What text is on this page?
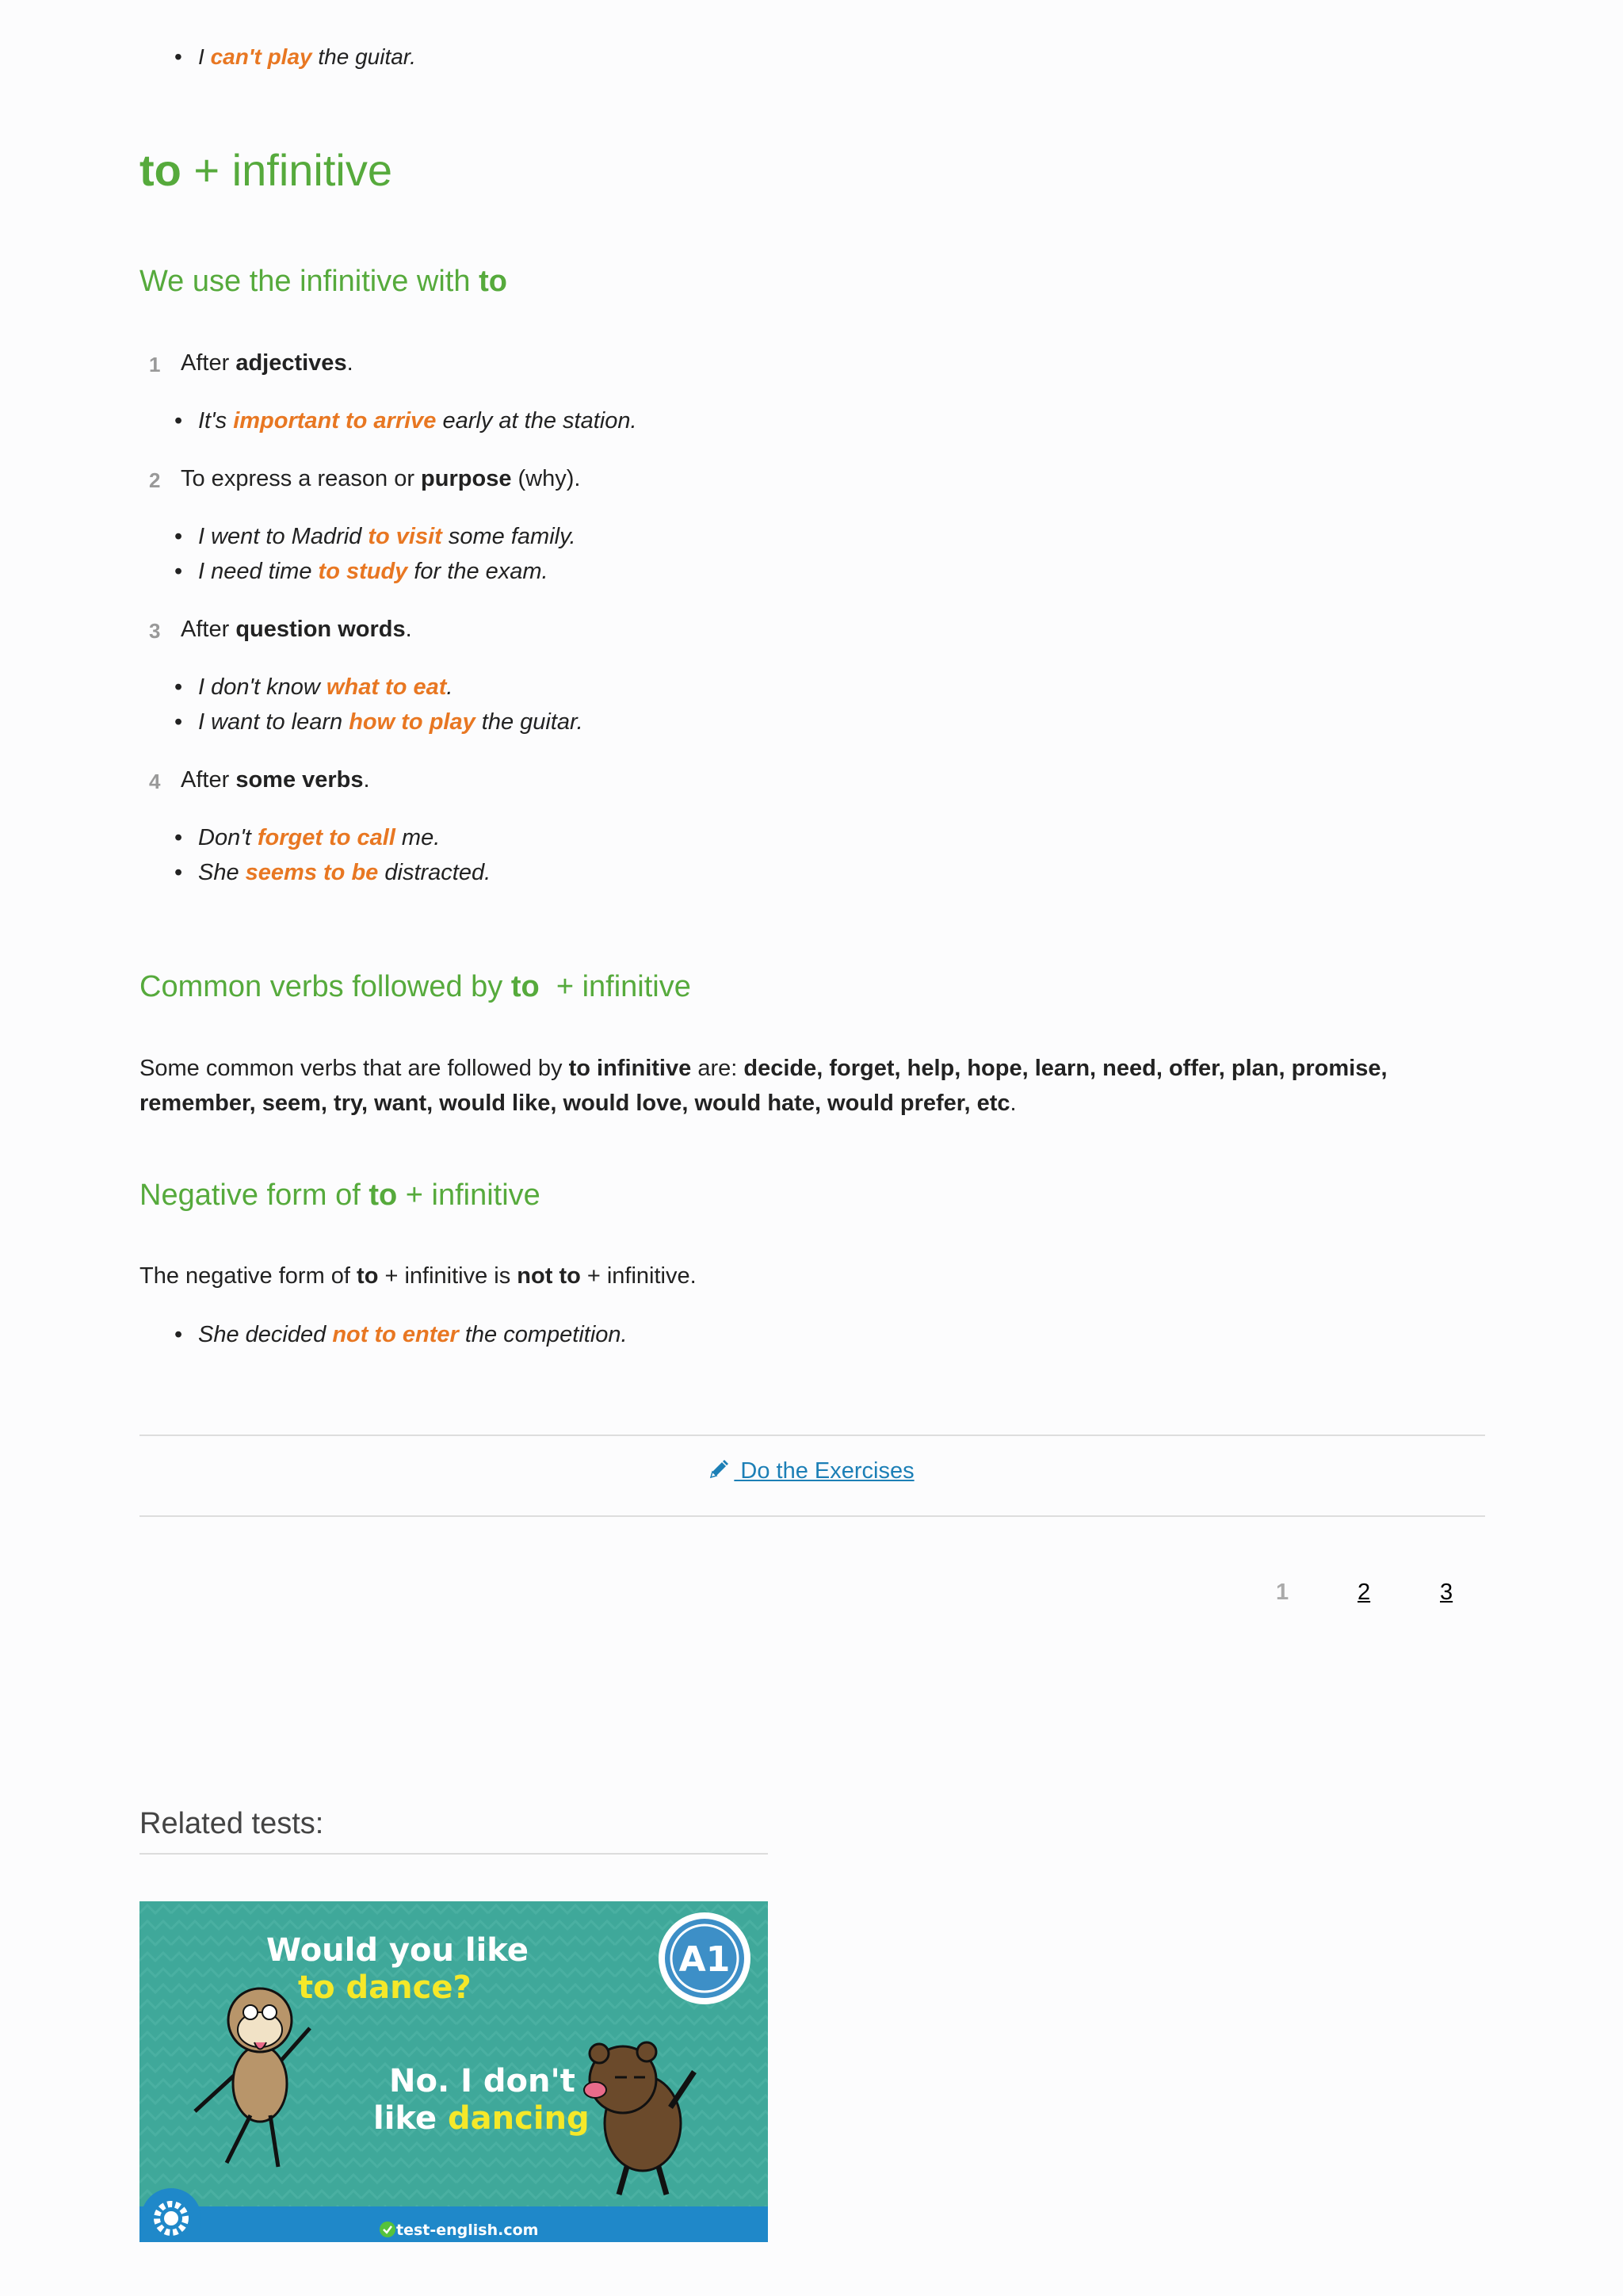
• I can't play the guitar.
to + infinitive
We use the infinitive with to
1 After adjectives.
• It's important to arrive early at the station.
2 To express a reason or purpose (why).
• I went to Madrid to visit some family.
• I need time to study for the exam.
3 After question words.
• I don't know what to eat.
• I want to learn how to play the guitar.
4 After some verbs.
• Don't forget to call me.
• She seems to be distracted.
Common verbs followed by to  + infinitive
Some common verbs that are followed by to infinitive are: decide, forget, help, hope, learn, need, offer, plan, promise, remember, seem, try, want, would like, would love, would hate, would prefer, etc.
Negative form of to + infinitive
The negative form of to + infinitive is not to + infinitive.
• She decided not to enter the competition.
Do the Exercises
1	2	3
Related tests:
test-english.com
A1
Would you like
to dance?
No. I don't
like dancing
